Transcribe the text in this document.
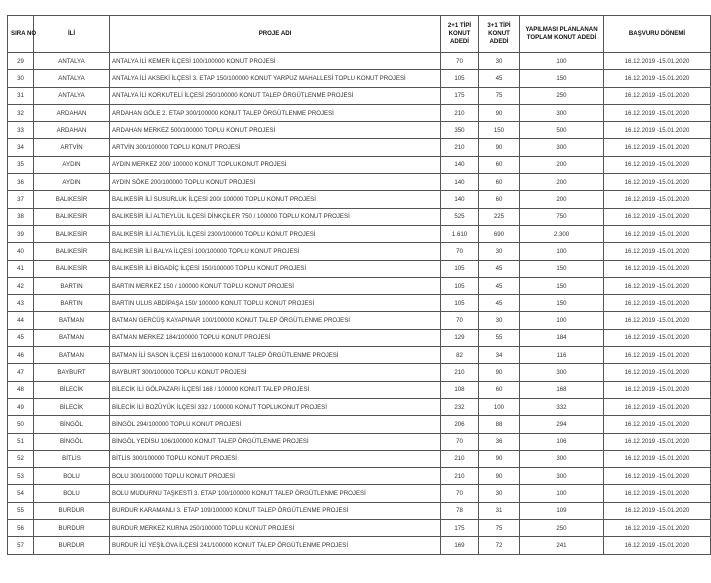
SIRA NO	İLİ	PROJE ADI	2+1 TİPİ KONUT ADEDİ	3+1 TİPİ KONUT ADEDİ	YAPILMASI PLANLANAN TOPLAM KONUT ADEDİ	BAŞVURU DÖNEMİ
29	ANTALYA	ANTALYA İLİ KEMER İLÇESİ 100/100000 KONUT PROJESİ	70	30	100	16.12.2019 -15.01.2020
30	ANTALYA	ANTALYA İLİ AKSEKİ İLÇESİ 3. ETAP 150/100000 KONUT YARPUZ MAHALLESİ TOPLU KONUT PROJESİ	105	45	150	16.12.2019 -15.01.2020
31	ANTALYA	ANTALYA İLİ KORKUTELİ İLÇESİ 250/100000 KONUT TALEP ÖRGÜTLENME PROJESİ	175	75	250	16.12.2019 -15.01.2020
32	ARDAHAN	ARDAHAN GÖLE 2. ETAP 300/100000 KONUT TALEP ÖRGÜTLENME PROJESİ	210	90	300	16.12.2019 -15.01.2020
33	ARDAHAN	ARDAHAN MERKEZ 500/100000 TOPLU KONUT PROJESİ	350	150	500	16.12.2019 -15.01.2020
34	ARTVİN	ARTVİN 300/100000 TOPLU KONUT PROJESİ	210	90	300	16.12.2019 -15.01.2020
35	AYDIN	AYDIN MERKEZ 200/ 100000 KONUT TOPLUKONUT PROJESİ	140	60	200	16.12.2019 -15.01.2020
36	AYDIN	AYDIN SÖKE 200/100000 TOPLU KONUT PROJESİ	140	60	200	16.12.2019 -15.01.2020
37	BALIKESİR	BALIKESİR İLİ SUSURLUK İLÇESİ 200/ 100000 TOPLU KONUT PROJESİ	140	60	200	16.12.2019 -15.01.2020
38	BALIKESİR	BALIKESİR İLİ ALTIEYLÜL İLÇESİ DİNKÇİLER 750 / 100000 TOPLU KONUT PROJESİ	525	225	750	16.12.2019 -15.01.2020
39	BALIKESİR	BALIKESİR İLİ ALTIEYLÜL İLÇESİ 2300/100000 TOPLU KONUT PROJESİ	1.610	690	2.300	16.12.2019 -15.01.2020
40	BALIKESİR	BALIKESİR İLİ BALYA İLÇESİ 100/100000 TOPLU KONUT PROJESİ	70	30	100	16.12.2019 -15.01.2020
41	BALIKESİR	BALIKESİR İLİ BİGADİÇ İLÇESİ 150/100000 TOPLU KONUT PROJESİ	105	45	150	16.12.2019 -15.01.2020
42	BARTIN	BARTIN MERKEZ 150 / 100000 KONUT TOPLU KONUT PROJESİ	105	45	150	16.12.2019 -15.01.2020
43	BARTIN	BARTIN ULUS ABDİPAŞA 150/ 100000 KONUT TOPLU KONUT PROJESİ	105	45	150	16.12.2019 -15.01.2020
44	BATMAN	BATMAN GERCÜŞ KAYAPINAR 100/100000 KONUT TALEP ÖRGÜTLENME PROJESİ	70	30	100	16.12.2019 -15.01.2020
45	BATMAN	BATMAN MERKEZ 184/100000 TOPLU KONUT PROJESİ	129	55	184	16.12.2019 -15.01.2020
46	BATMAN	BATMAN İLİ SASON İLÇESİ 116/100000 KONUT TALEP ÖRGÜTLENME PROJESİ	82	34	116	16.12.2019 -15.01.2020
47	BAYBURT	BAYBURT 300/100000 TOPLU KONUT PROJESİ	210	90	300	16.12.2019 -15.01.2020
48	BİLECİK	BİLECİK İLİ GÖLPAZARI İLÇESİ 168 / 100000 KONUT TALEP PROJESİ	108	60	168	16.12.2019 -15.01.2020
49	BİLECİK	BİLECİK İLİ BOZÜYÜK İLÇESİ 332 / 100000 KONUT TOPLUKONUT PROJESİ	232	100	332	16.12.2019 -15.01.2020
50	BİNGÖL	BİNGÖL 294/100000 TOPLU KONUT PROJESİ	206	88	294	16.12.2019 -15.01.2020
51	BİNGÖL	BİNGÖL YEDİSU 106/100000 KONUT TALEP ÖRGÜTLENME PROJESİ	70	36	106	16.12.2019 -15.01.2020
52	BİTLİS	BİTLİS 300/100000 TOPLU KONUT PROJESİ	210	90	300	16.12.2019 -15.01.2020
53	BOLU	BOLU 300/100000 TOPLU KONUT PROJESİ	210	90	300	16.12.2019 -15.01.2020
54	BOLU	BOLU MUDURNU TAŞKESTİ 3. ETAP 100/100000 KONUT TALEP ÖRGÜTLENME PROJESİ	70	30	100	16.12.2019 -15.01.2020
55	BURDUR	BURDUR KARAMANLI 3. ETAP 109/100000 KONUT TALEP ÖRGÜTLENME PROJESİ	78	31	109	16.12.2019 -15.01.2020
56	BURDUR	BURDUR MERKEZ KURNA 250/100000 TOPLU KONUT PROJESİ	175	75	250	16.12.2019 -15.01.2020
57	BURDUR	BURDUR İLİ YEŞİLOVA İLÇESİ 241/100000 KONUT TALEP ÖRGÜTLENME PROJESİ	169	72	241	16.12.2019 -15.01.2020
